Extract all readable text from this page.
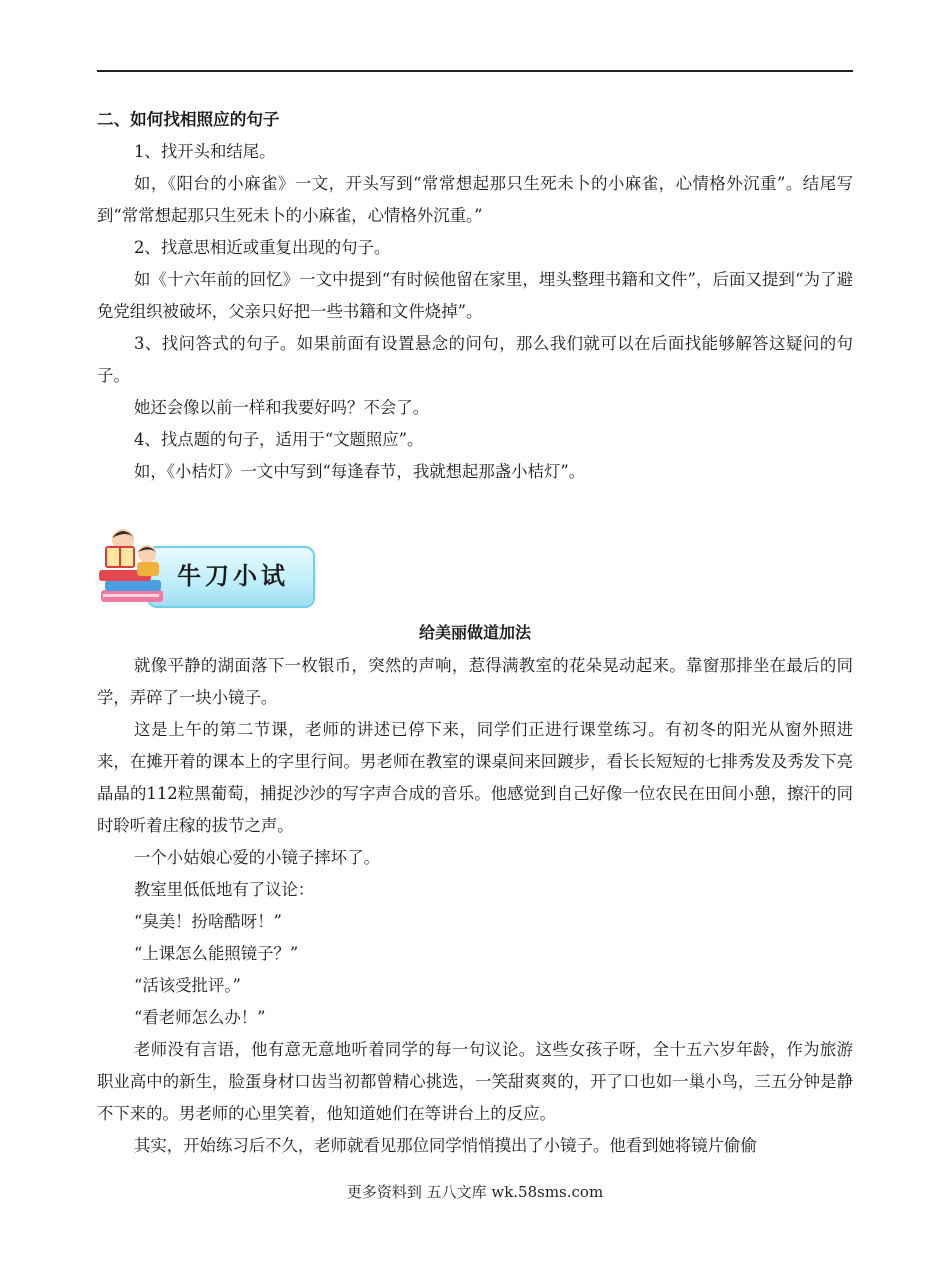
二、如何找相照应的句子

1、找开头和结尾。

如，《阳台的小麻雀》一文，开头写到“常常想起那只生死未卜的小麻雀，心情格外沉重”。结尾写到“常常想起那只生死未卜的小麻雀，心情格外沉重。”

2、找意思相近或重复出现的句子。

如《十六年前的回忆》一文中提到“有时候他留在家里，埋头整理书籍和文件”，后面又提到“为了避免党组织被破坏，父亲只好把一些书籍和文件烧掉”。

3、找问答式的句子。如果前面有设置悬念的问句，那么我们就可以在后面找能够解答这疑问的句子。

她还会像以前一样和我要好吗？不会了。

4、找点题的句子，适用于“文题照应”。

如，《小桔灯》一文中写到“每逢春节，我就想起那盏小桔灯”。

牛刀小试

给美丽做道加法

就像平静的湖面落下一枚银币，突然的声响，惹得满教室的花朵晃动起来。靠窗那排坐在最后的同学，弄碎了一块小镜子。

这是上午的第二节课，老师的讲述已停下来，同学们正进行课堂练习。有初冬的阳光从窗外照进来，在摊开着的课本上的字里行间。男老师在教室的课桌间来回踱步，看长长短短的七排秀发及秀发下亮晶晶的112粒黑葡萄，捕捉沙沙的写字声合成的音乐。他感觉到自己好像一位农民在田间小憩，擦汗的同时聆听着庄稼的拔节之声。

一个小姑娘心爱的小镜子摔坏了。

教室里低低地有了议论：

“臭美！扮啥酷呀！”

“上课怎么能照镜子？”

“活该受批评。”

“看老师怎么办！”

老师没有言语，他有意无意地听着同学的每一句议论。这些女孩子呀，全十五六岁年龄，作为旅游职业高中的新生，脸蛋身材口齿当初都曾精心挑选，一笑甜爽爽的，开了口也如一巢小鸟，三五分钟是静不下来的。男老师的心里笑着，他知道她们在等讲台上的反应。

其实，开始练习后不久，老师就看见那位同学悄悄摸出了小镜子。他看到她将镜片偷偷

更多资料到 五八文库 wk.58sms.com
